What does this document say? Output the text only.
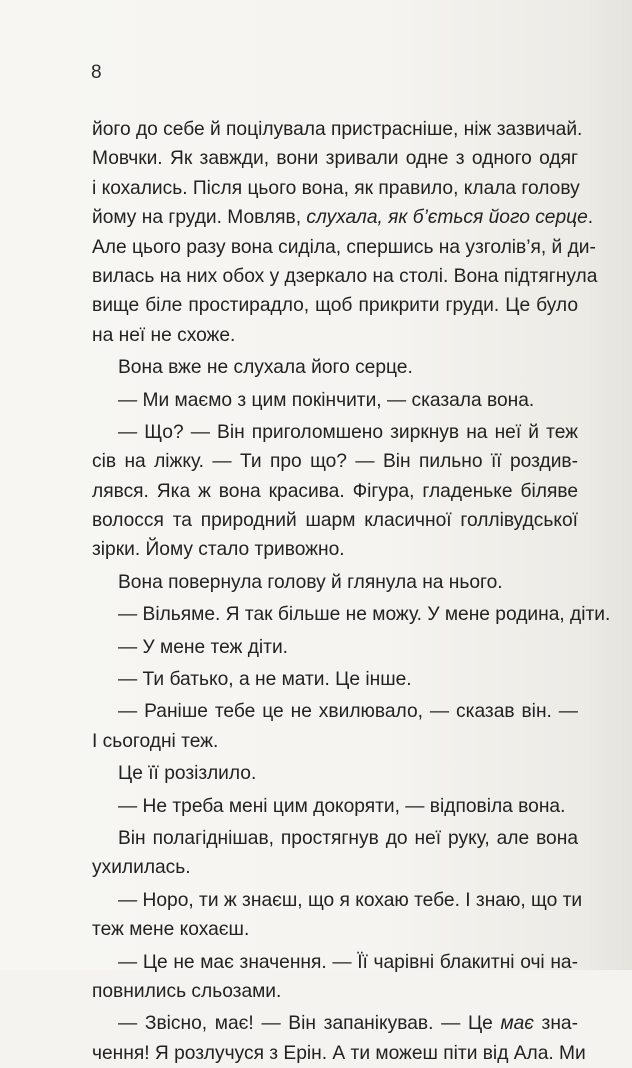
8
його до себе й поцілувала пристрасніше, ніж зазвичай.
Мовчки. Як завжди, вони зривали одне з одного одяг
і кохались. Після цього вона, як правило, клала голову
йому на груди. Мовляв, слухала, як б’ється його серце.
Але цього разу вона сиділа, спершись на узголів’я, й ди-
вилась на них обох у дзеркало на столі. Вона підтягнула
вище біле простирадло, щоб прикрити груди. Це було
на неї не схоже.
Вона вже не слухала його серце.
— Ми маємо з цим покінчити, — сказала вона.
— Що? — Він приголомшено зиркнув на неї й теж
сів на ліжку. — Ти про що? — Він пильно її роздив-
лявся. Яка ж вона красива. Фігура, гладеньке біляве
волосся та природний шарм класичної голлівудської
зірки. Йому стало тривожно.
Вона повернула голову й глянула на нього.
— Вільяме. Я так більше не можу. У мене родина, діти.
— У мене теж діти.
— Ти батько, а не мати. Це інше.
— Раніше тебе це не хвилювало, — сказав він. —
І сьогодні теж.
Це її розізлило.
— Не треба мені цим докоряти, — відповіла вона.
Він полагіднішав, простягнув до неї руку, але вона
ухилилась.
— Норо, ти ж знаєш, що я кохаю тебе. І знаю, що ти
теж мене кохаєш.
— Це не має значення. — Її чарівні блакитні очі на-
повнились сльозами.
— Звісно, має! — Він запанікував. — Це має зна-
чення! Я розлучуся з Ерін. А ти можеш піти від Ала. Ми
